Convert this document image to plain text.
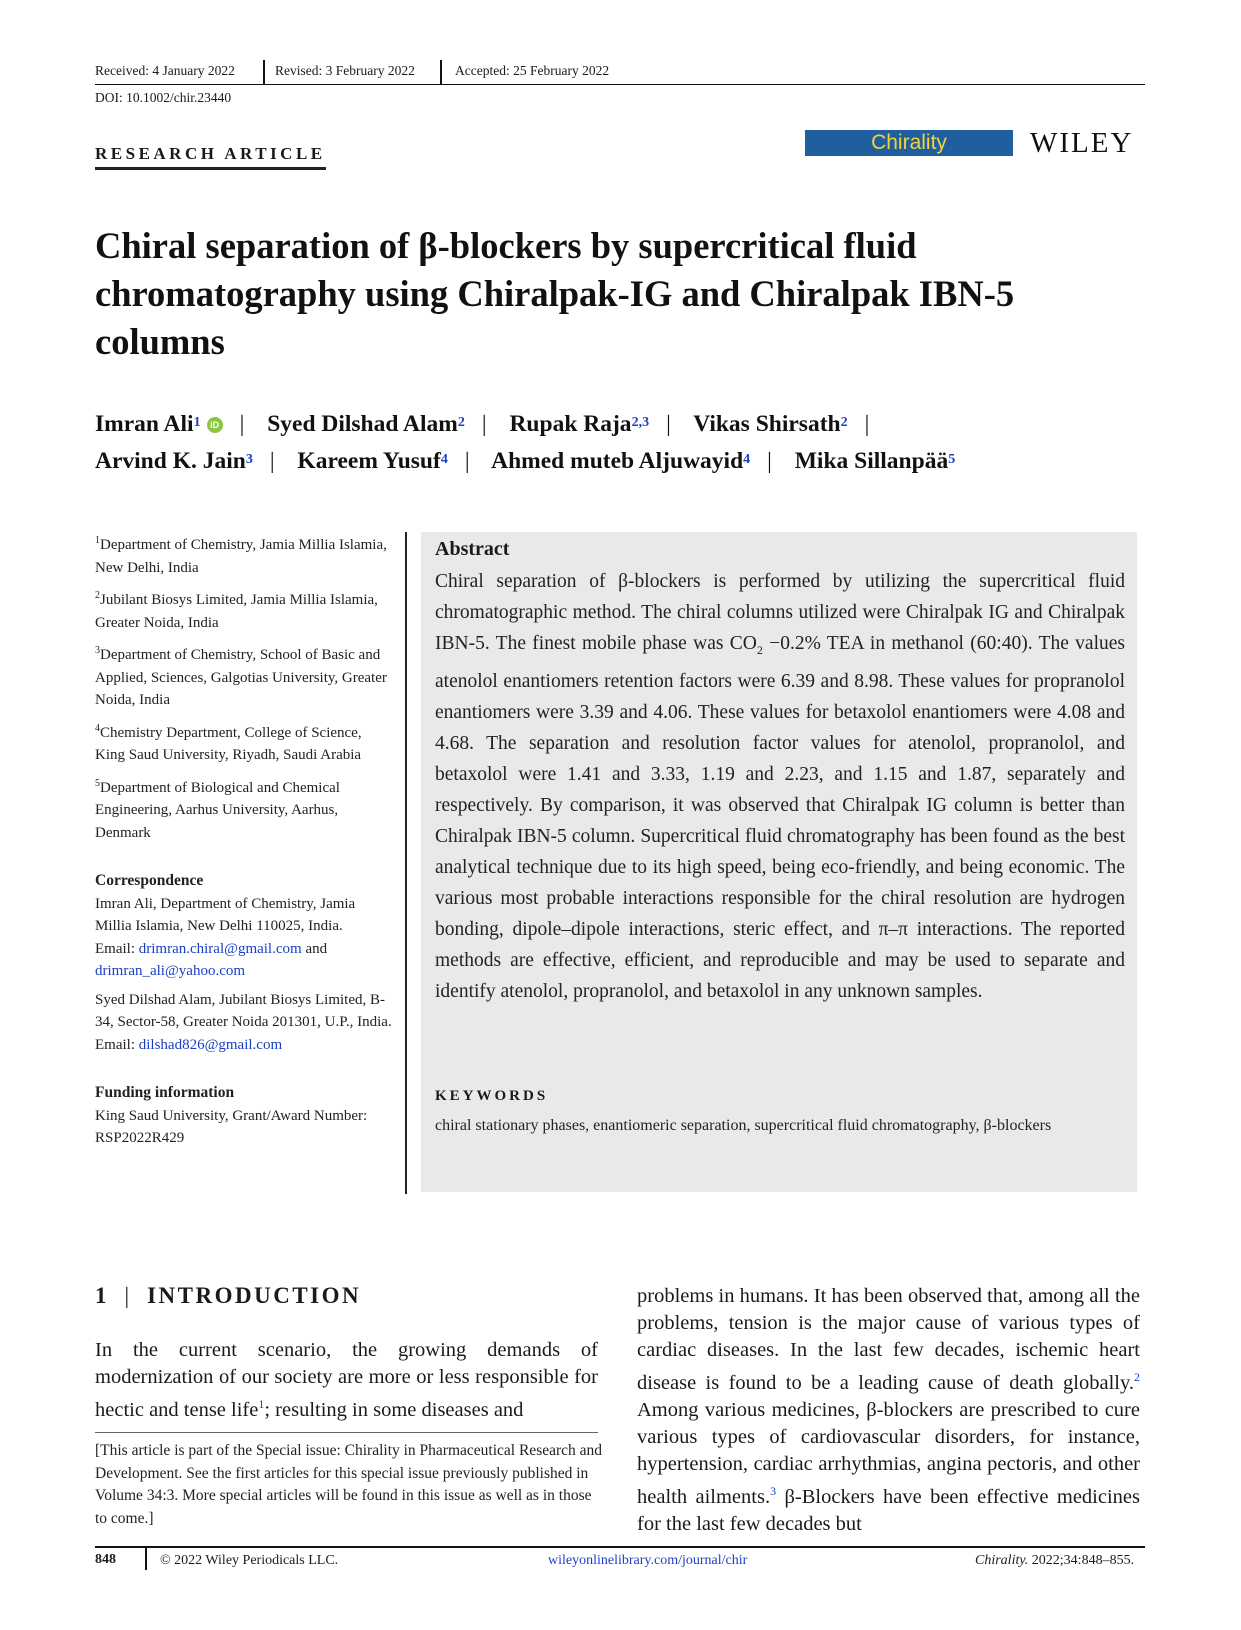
Received: 4 January 2022	Revised: 3 February 2022	Accepted: 25 February 2022
DOI: 10.1002/chir.23440
RESEARCH ARTICLE	Chirality	WILEY
Chiral separation of β-blockers by supercritical fluid chromatography using Chiralpak-IG and Chiralpak IBN-5 columns
Imran Ali$^1$ iD | Syed Dilshad Alam$^2$ | Rupak Raja$^{2,3}$ | Vikas Shirsath$^2$ |
Arvind K. Jain$^3$ | Kareem Yusuf$^4$ | Ahmed muteb Aljuwayid$^4$ | Mika Sillanpää$^5$
$^1$Department of Chemistry, Jamia Millia Islamia, New Delhi, India
$^2$Jubilant Biosys Limited, Jamia Millia Islamia, Greater Noida, India
$^3$Department of Chemistry, School of Basic and Applied, Sciences, Galgotias University, Greater Noida, India
$^4$Chemistry Department, College of Science, King Saud University, Riyadh, Saudi Arabia
$^5$Department of Biological and Chemical Engineering, Aarhus University, Aarhus, Denmark
Correspondence

Imran Ali, Department of Chemistry, Jamia Millia Islamia, New Delhi 110025, India.

Email: drimran.chiral@gmail.com and drimran_ali@yahoo.com

Syed Dilshad Alam, Jubilant Biosys Limited, B-34, Sector-58, Greater Noida 201301, U.P., India.

Email: dilshad826@gmail.com

Funding information

King Saud University, Grant/Award Number: RSP2022R429

Abstract
Chiral separation of β-blockers is performed by utilizing the supercritical fluid chromatographic method. The chiral columns utilized were Chiralpak IG and Chiralpak IBN-5. The finest mobile phase was $CO_2 -0.2\%$ TEA in methanol (60:40). The values atenolol enantiomers retention factors were 6.39 and 8.98. These values for propranolol enantiomers were 3.39 and 4.06. These values for betaxolol enantiomers were 4.08 and 4.68. The separation and resolution factor values for atenolol, propranolol, and betaxolol were 1.41 and 3.33, 1.19 and 2.23, and 1.15 and 1.87, separately and respectively. By comparison, it was observed that Chiralpak IG column is better than Chiralpak IBN-5 column. Supercritical fluid chromatography has been found as the best analytical technique due to its high speed, being eco-friendly, and being economic. The various most probable interactions responsible for the chiral resolution are hydrogen bonding, dipole–dipole interactions, steric effect, and π–π interactions. The reported methods are effective, efficient, and reproducible and may be used to separate and identify atenolol, propranolol, and betaxolol in any unknown samples.
KEYWORDS
chiral stationary phases, enantiomeric separation, supercritical fluid chromatography, β-blockers
1 | INTRODUCTION
In the current scenario, the growing demands of modernization of our society are more or less responsible for hectic and tense life$^1$; resulting in some diseases and
[This article is part of the Special issue: Chirality in Pharmaceutical Research and Development. See the first articles for this special issue previously published in Volume 34:3. More special articles will be found in this issue as well as in those to come.]
problems in humans. It has been observed that, among all the problems, tension is the major cause of various types of cardiac diseases. In the last few decades, ischemic heart disease is found to be a leading cause of death globally.$^2$ Among various medicines, β-blockers are prescribed to cure various types of cardiovascular disorders, for instance, hypertension, cardiac arrhythmias, angina pectoris, and other health ailments.$^3$ β-Blockers have been effective medicines for the last few decades but
848	© 2022 Wiley Periodicals LLC.	wileyonlinelibrary.com/journal/chir	Chirality. 2022;34:848–855.
